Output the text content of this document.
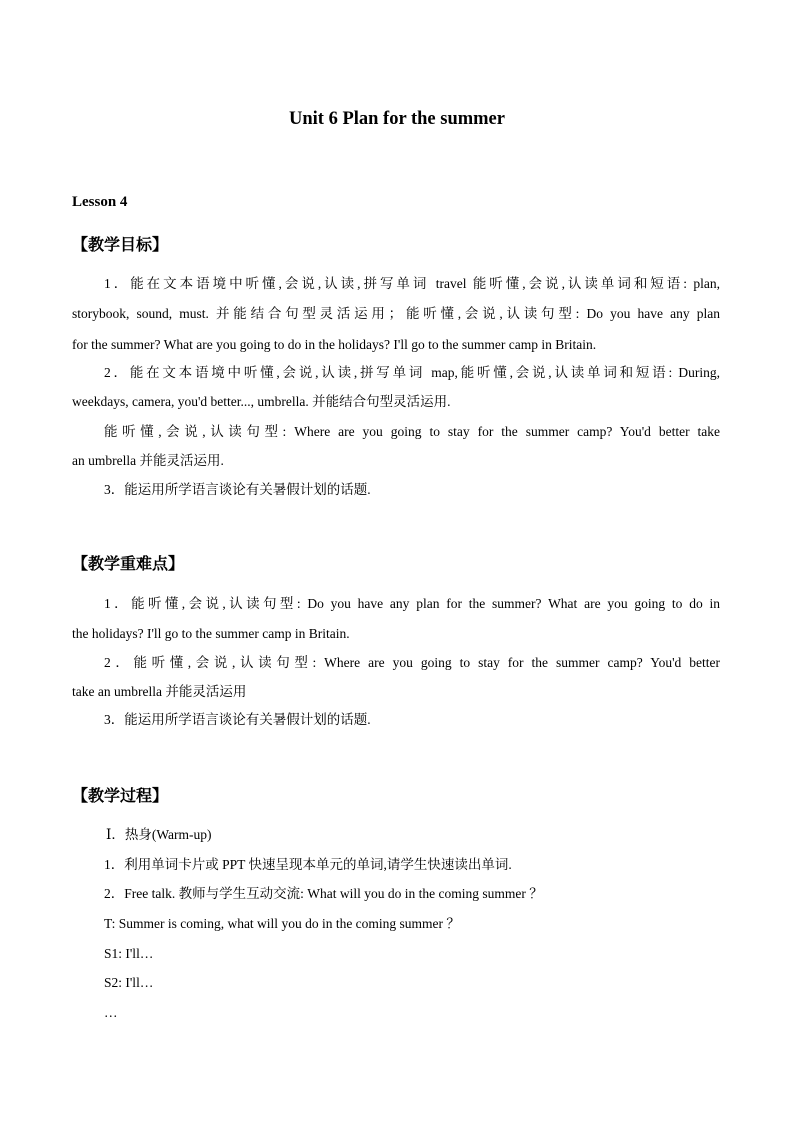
Unit 6 Plan for the summer
Lesson 4
【教学目标】
1．能在文本语境中听懂,会说,认读,拼写单词 travel 能听懂,会说,认读单词和短语: plan,
storybook, sound, must. 并能结合句型灵活运用；能听懂,会说,认读句型: Do you have any plan
for the summer? What are you going to do in the holidays? I'll go to the summer camp in Britain.
2．能在文本语境中听懂,会说,认读,拼写单词 map,能听懂,会说,认读单词和短语: During,
weekdays, camera, you'd better..., umbrella. 并能结合句型灵活运用.
能听懂,会说,认读句型: Where are you going to stay for the summer camp? You'd better take
an umbrella 并能灵活运用.
3．能运用所学语言谈论有关暑假计划的话题.
【教学重难点】
1．能听懂,会说,认读句型: Do you have any plan for the summer? What are you going to do in
the holidays? I'll go to the summer camp in Britain.
2．能听懂,会说,认读句型: Where are you going to stay for the summer camp? You'd better
take an umbrella 并能灵活运用
3．能运用所学语言谈论有关暑假计划的话题.
【教学过程】
Ⅰ．热身(Warm-up)
1．利用单词卡片或 PPT 快速呈现本单元的单词,请学生快速读出单词.
2．Free talk. 教师与学生互动交流: What will you do in the coming summer ？
T: Summer is coming, what will you do in the coming summer ？
S1: I'll…
S2: I'll…
…
